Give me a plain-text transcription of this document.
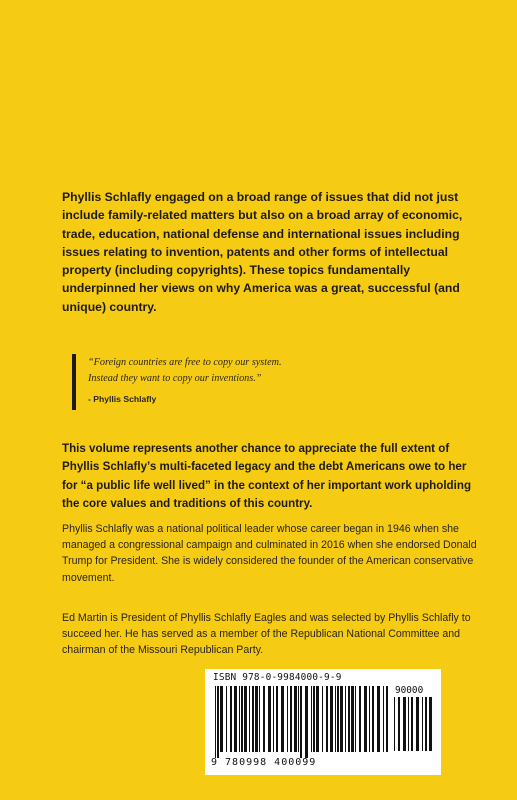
Phyllis Schlafly engaged on a broad range of issues that did not just include family-related matters but also on a broad array of economic, trade, education, national defense and international issues including issues relating to invention, patents and other forms of intellectual property (including copyrights). These topics fundamentally underpinned her views on why America was a great, successful (and unique) country.

“Foreign countries are free to copy our system.

Instead they want to copy our inventions.”

- Phyllis Schlafly

This volume represents another chance to appreciate the full extent of Phyllis Schlafly’s multi-faceted legacy and the debt Americans owe to her for “a public life well lived” in the context of her important work upholding the core values and traditions of this country.

Phyllis Schlafly was a national political leader whose career began in 1946 when she managed a congressional campaign and culminated in 2016 when she endorsed Donald Trump for President. She is widely considered the founder of the American conservative movement.

Ed Martin is President of Phyllis Schlafly Eagles and was selected by Phyllis Schlafly to succeed her. He has served as a member of the Republican National Committee and chairman of the Missouri Republican Party.

ISBN 978-0-9984000-9-9

90000

9 780998 400099
